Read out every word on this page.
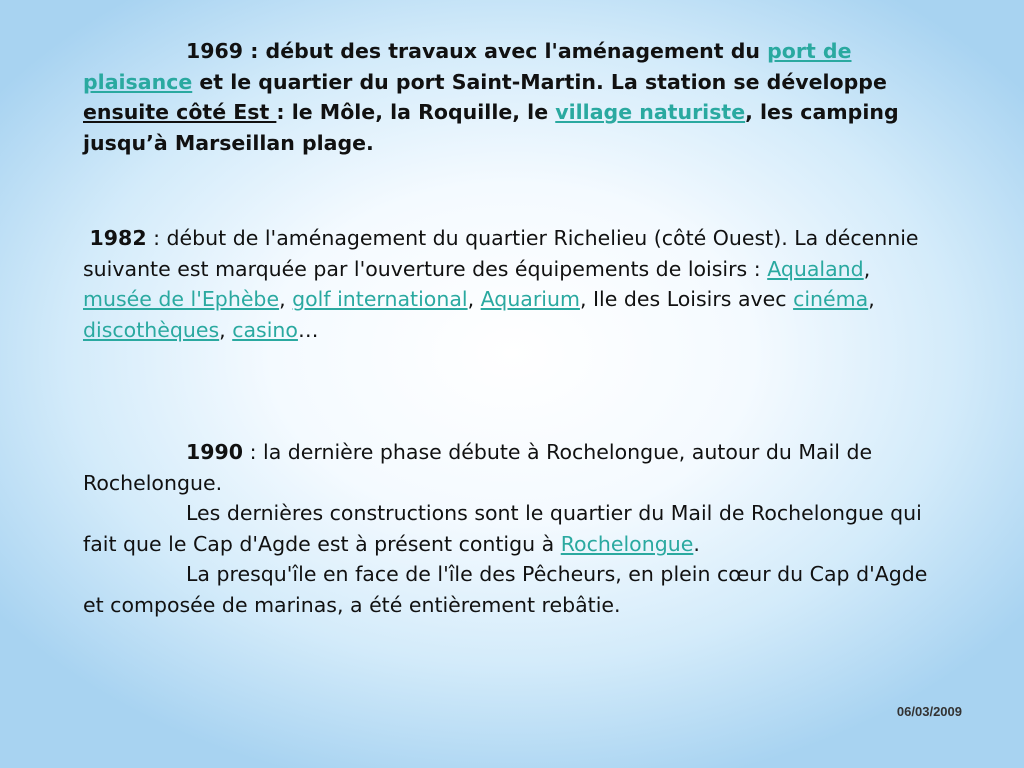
1969 : début des travaux avec l'aménagement du port de plaisance et le quartier du port Saint-Martin. La station se développe ensuite côté Est : le Môle, la Roquille, le village naturiste, les camping jusqu’à Marseillan plage.

1982 : début de l'aménagement du quartier Richelieu (côté Ouest). La décennie suivante est marquée par l'ouverture des équipements de loisirs : Aqualand, musée de l'Ephèbe, golf international, Aquarium, Ile des Loisirs avec cinéma, discothèques, casino…

1990 : la dernière phase débute à Rochelongue, autour du Mail de Rochelongue.
Les dernières constructions sont le quartier du Mail de Rochelongue qui fait que le Cap d'Agde est à présent contigu à Rochelongue.
La presqu'île en face de l'île des Pêcheurs, en plein cœur du Cap d'Agde et composée de marinas, a été entièrement rebâtie.

06/03/2009
